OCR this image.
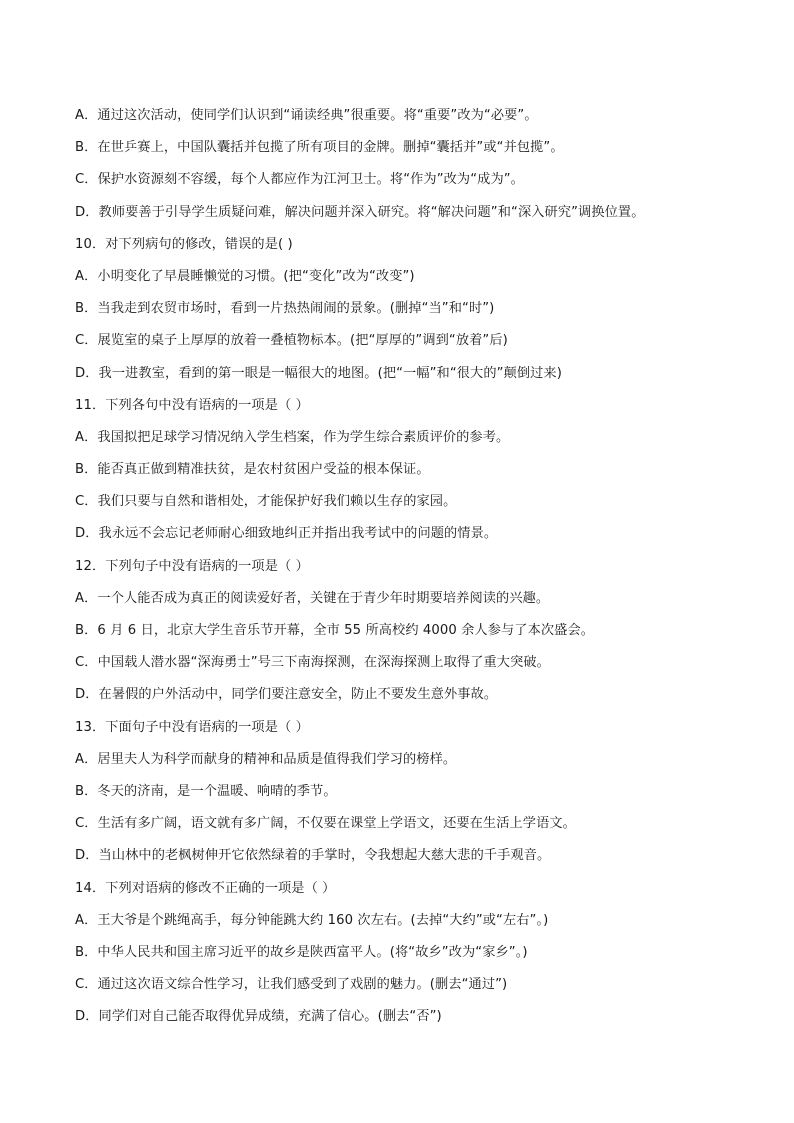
A．通过这次活动，使同学们认识到“诵读经典”很重要。将“重要”改为“必要”。
B．在世乒赛上，中国队囊括并包揽了所有项目的金牌。删掉“囊括并”或“并包揽”。
C．保护水资源刻不容缓，每个人都应作为江河卫士。将“作为”改为“成为”。
D．教师要善于引导学生质疑问难，解决问题并深入研究。将“解决问题”和“深入研究”调换位置。
10．对下列病句的修改，错误的是( )
A．小明变化了早晨睡懒觉的习惯。(把“变化”改为“改变”)
B．当我走到农贸市场时，看到一片热热闹闹的景象。(删掉“当”和“时”)
C．展览室的桌子上厚厚的放着一叠植物标本。(把“厚厚的”调到“放着”后)
D．我一进教室，看到的第一眼是一幅很大的地图。(把“一幅”和“很大的”颠倒过来)
11．下列各句中没有语病的一项是（ ）
A．我国拟把足球学习情况纳入学生档案，作为学生综合素质评价的参考。
B．能否真正做到精准扶贫，是农村贫困户受益的根本保证。
C．我们只要与自然和谐相处，才能保护好我们赖以生存的家园。
D．我永远不会忘记老师耐心细致地纠正并指出我考试中的问题的情景。
12．下列句子中没有语病的一项是（ ）
A．一个人能否成为真正的阅读爱好者，关键在于青少年时期要培养阅读的兴趣。
B．6 月 6 日，北京大学生音乐节开幕，全市 55 所高校约 4000 余人参与了本次盛会。
C．中国载人潜水器“深海勇士”号三下南海探测，在深海探测上取得了重大突破。
D．在暑假的户外活动中，同学们要注意安全，防止不要发生意外事故。
13．下面句子中没有语病的一项是（ ）
A．居里夫人为科学而献身的精神和品质是值得我们学习的榜样。
B．冬天的济南，是一个温暖、响晴的季节。
C．生活有多广阔，语文就有多广阔，不仅要在课堂上学语文，还要在生活上学语文。
D．当山林中的老枫树伸开它依然绿着的手掌时，令我想起大慈大悲的千手观音。
14．下列对语病的修改不正确的一项是（ ）
A．王大爷是个跳绳高手，每分钟能跳大约 160 次左右。(去掉“大约”或“左右”。)
B．中华人民共和国主席习近平的故乡是陕西富平人。(将“故乡”改为“家乡”。)
C．通过这次语文综合性学习，让我们感受到了戏剧的魅力。(删去“通过”)
D．同学们对自己能否取得优异成绩，充满了信心。(删去“否”)
